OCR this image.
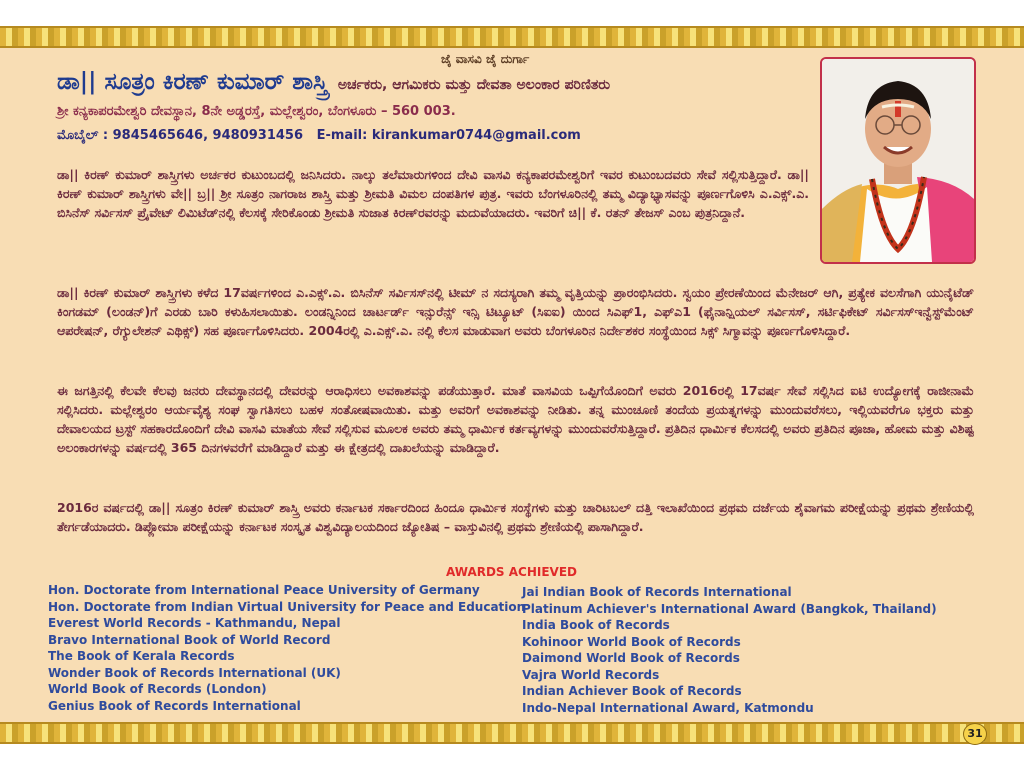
ಜೈ ವಾಸವಿ ಜೈ ದುರ್ಗಾ
ಡಾ|| ಸೂತ್ರಂ ಕಿರಣ್ ಕುಮಾರ್ ಶಾಸ್ತ್ರಿ ಅರ್ಚಕರು, ಆಗಮಿಕರು ಮತ್ತು ದೇವತಾ ಅಲಂಕಾರ ಪರಿಣಿತರು
ಶ್ರೀ ಕನ್ಯಕಾಪರಮೇಶ್ವರಿ ದೇವಸ್ಥಾನ, 8ನೇ ಅಡ್ಡರಸ್ತೆ, ಮಲ್ಲೇಶ್ವರಂ, ಬೆಂಗಳೂರು – 560 003.
ಮೊಬೈಲ್ : 9845465646, 9480931456 E-mail: kirankumar0744@gmail.com

ಡಾ|| ಕಿರಣ್ ಕುಮಾರ್ ಶಾಸ್ತ್ರಿಗಳು ಅರ್ಚಕರ ಕುಟುಂಬದಲ್ಲಿ ಜನಿಸಿದರು. ನಾಲ್ಕು ತಲೆಮಾರುಗಳಿಂದ ದೇವಿ ವಾಸವಿ ಕನ್ಯಕಾಪರಮೇಶ್ವರಿಗೆ ಇವರ ಕುಟುಂಬದವರು ಸೇವೆ ಸಲ್ಲಿಸುತ್ತಿದ್ದಾರೆ. ಡಾ|| ಕಿರಣ್ ಕುಮಾರ್ ಶಾಸ್ತ್ರಿಗಳು ವೇ|| ಬ್ರ|| ಶ್ರೀ ಸೂತ್ರಂ ನಾಗರಾಜ ಶಾಸ್ತ್ರಿ ಮತ್ತು ಶ್ರೀಮತಿ ವಿಮಲ ದಂಪತಿಗಳ ಪುತ್ರ. ಇವರು ಬೆಂಗಳೂರಿನಲ್ಲಿ ತಮ್ಮ ವಿದ್ಯಾಭ್ಯಾಸವನ್ನು ಪೂರ್ಣಗೊಳಿಸಿ ಎ.ಎಕ್ಸ್.ಎ. ಬಿಸಿನೆಸ್ ಸರ್ವಿಸಸ್ ಪ್ರೈವೇಟ್ ಲಿಮಿಟೆಡ್‌ನಲ್ಲಿ ಕೆಲಸಕ್ಕೆ ಸೇರಿಕೊಂಡು ಶ್ರೀಮತಿ ಸುಜಾತ ಕಿರಣ್‌ರವರನ್ನು ಮದುವೆಯಾದರು. ಇವರಿಗೆ ಚಿ|| ಕೆ. ರತನ್ ತೇಜಸ್ ಎಂಬ ಪುತ್ರನಿದ್ದಾನೆ.

ಡಾ|| ಕಿರಣ್ ಕುಮಾರ್ ಶಾಸ್ತ್ರಿಗಳು ಕಳೆದ 17ವರ್ಷಗಳಿಂದ ಎ.ಎಕ್ಸ್.ಎ. ಬಿಸಿನೆಸ್ ಸರ್ವಿಸಸ್‌ನಲ್ಲಿ ಟೀಮ್ ನ ಸದಸ್ಯರಾಗಿ ತಮ್ಮ ವೃತ್ತಿಯನ್ನು ಪ್ರಾರಂಭಿಸಿದರು. ಸ್ವಯಂ ಪ್ರೇರಣೆಯಿಂದ ಮೆನೇಜರ್ ಆಗಿ, ಪ್ರತ್ಯೇಕ ವಲಸೆಗಾಗಿ ಯುನೈಟೆಡ್ ಕಿಂಗಡಮ್ (ಲಂಡನ್)ಗೆ ಎರಡು ಬಾರಿ ಕಳುಹಿಸಲಾಯಿತು. ಲಂಡನ್ನಿನಿಂದ ಚಾರ್ಟರ್ಡ್ ಇನ್ಸುರೆನ್ಸ್ ಇನ್ಸಿ ಟಿಟ್ಯೂಟ್ (ಸಿಐಐ) ಯಿಂದ ಸಿಎಫ್1, ಎಫ್ಎ1 (ಫೈನಾನ್ಷಿಯಲ್ ಸರ್ವಿಸಸ್, ಸರ್ಟಿಫಿಕೇಟ್ ಸರ್ವಿಸಸ್ಇನ್ವೆಸ್ಟ್‌ಮೆಂಟ್ ಆಪರೇಷನ್, ರೆಗ್ಯುಲೇಶನ್ ಎಥಿಕ್ಸ್) ಸಹ ಪೂರ್ಣಗೊಳಿಸಿದರು. 2004ರಲ್ಲಿ ಎ.ಎಕ್ಸ್.ಎ. ನಲ್ಲಿ ಕೆಲಸ ಮಾಡುವಾಗ ಅವರು ಬೆಂಗಳೂರಿನ ನಿರ್ದೇಶಕರ ಸಂಸ್ಥೆಯಿಂದ ಸಿಕ್ಸ್ ಸಿಗ್ಮಾವನ್ನು ಪೂರ್ಣಗೊಳಿಸಿದ್ದಾರೆ.

ಈ ಜಗತ್ತಿನಲ್ಲಿ ಕೆಲವೇ ಕೆಲವು ಜನರು ದೇವಸ್ಥಾನದಲ್ಲಿ ದೇವರನ್ನು ಆರಾಧಿಸಲು ಅವಕಾಶವನ್ನು ಪಡೆಯುತ್ತಾರೆ. ಮಾತೆ ವಾಸವಿಯ ಒಪ್ಪಿಗೆಯೊಂದಿಗೆ ಅವರು 2016ರಲ್ಲಿ 17ವರ್ಷ ಸೇವೆ ಸಲ್ಲಿಸಿದ ಐಟಿ ಉದ್ಯೋಗಕ್ಕೆ ರಾಜೀನಾಮೆ ಸಲ್ಲಿಸಿದರು. ಮಲ್ಲೇಶ್ವರಂ ಆರ್ಯವೈಶ್ಯ ಸಂಘ ಸ್ವಾಗತಿಸಲು ಬಹಳ ಸಂತೋಷವಾಯಿತು. ಮತ್ತು ಅವರಿಗೆ ಅವಕಾಶವನ್ನು ನೀಡಿತು. ತನ್ನ ಮುಂಚೂಣಿ ತಂದೆಯ ಪ್ರಯತ್ನಗಳನ್ನು ಮುಂದುವರೆಸಲು, ಇಲ್ಲಿಯವರೆಗೂ ಭಕ್ತರು ಮತ್ತು ದೇವಾಲಯದ ಟ್ರಸ್ಟ್ ಸಹಕಾರದೊಂದಿಗೆ ದೇವಿ ವಾಸವಿ ಮಾತೆಯ ಸೇವೆ ಸಲ್ಲಿಸುವ ಮೂಲಕ ಅವರು ತಮ್ಮ ಧಾರ್ಮಿಕ ಕರ್ತವ್ಯಗಳನ್ನು ಮುಂದುವರೆಸುತ್ತಿದ್ದಾರೆ. ಪ್ರತಿದಿನ ಧಾರ್ಮಿಕ ಕೆಲಸದಲ್ಲಿ ಅವರು ಪ್ರತಿದಿನ ಪೂಜಾ, ಹೋಮ ಮತ್ತು ವಿಶಿಷ್ಟ ಅಲಂಕಾರಗಳನ್ನು ವರ್ಷದಲ್ಲಿ 365 ದಿನಗಳವರೆಗೆ ಮಾಡಿದ್ದಾರೆ ಮತ್ತು ಈ ಕ್ಷೇತ್ರದಲ್ಲಿ ದಾಖಲೆಯನ್ನು ಮಾಡಿದ್ದಾರೆ.

2016ರ ವರ್ಷದಲ್ಲಿ ಡಾ|| ಸೂತ್ರಂ ಕಿರಣ್ ಕುಮಾರ್ ಶಾಸ್ತ್ರಿ ಅವರು ಕರ್ನಾಟಕ ಸರ್ಕಾರದಿಂದ ಹಿಂದೂ ಧಾರ್ಮಿಕ ಸಂಸ್ಥೆಗಳು ಮತ್ತು ಚಾರಿಟಬಲ್ ದತ್ತಿ ಇಲಾಖೆಯಿಂದ ಪ್ರಥಮ ದರ್ಜೆಯ ಶೈವಾಗಮ ಪರೀಕ್ಷೆಯನ್ನು ಪ್ರಥಮ ಶ್ರೇಣಿಯಲ್ಲಿ ತೇರ್ಗಡೆಯಾದರು. ಡಿಪ್ಲೋಮಾ ಪರೀಕ್ಷೆಯನ್ನು ಕರ್ನಾಟಕ ಸಂಸ್ಕೃತ ವಿಶ್ವವಿದ್ಯಾಲಯದಿಂದ ಜ್ಯೋತಿಷ – ವಾಸ್ತುವಿನಲ್ಲಿ ಪ್ರಥಮ ಶ್ರೇಣಿಯಲ್ಲಿ ಪಾಸಾಗಿದ್ದಾರೆ.

AWARDS ACHIEVED
Hon. Doctorate from International Peace University of Germany
Hon. Doctorate from Indian Virtual University for Peace and Education
Everest World Records - Kathmandu, Nepal
Bravo International Book of World Record
The Book of Kerala Records
Wonder Book of Records International (UK)
World Book of Records (London)
Genius Book of Records International
Jai Indian Book of Records International
Platinum Achiever's International Award (Bangkok, Thailand)
India Book of Records
Kohinoor World Book of Records
Daimond World Book of Records
Vajra World Records
Indian Achiever Book of Records
Indo-Nepal International Award, Katmondu
31
